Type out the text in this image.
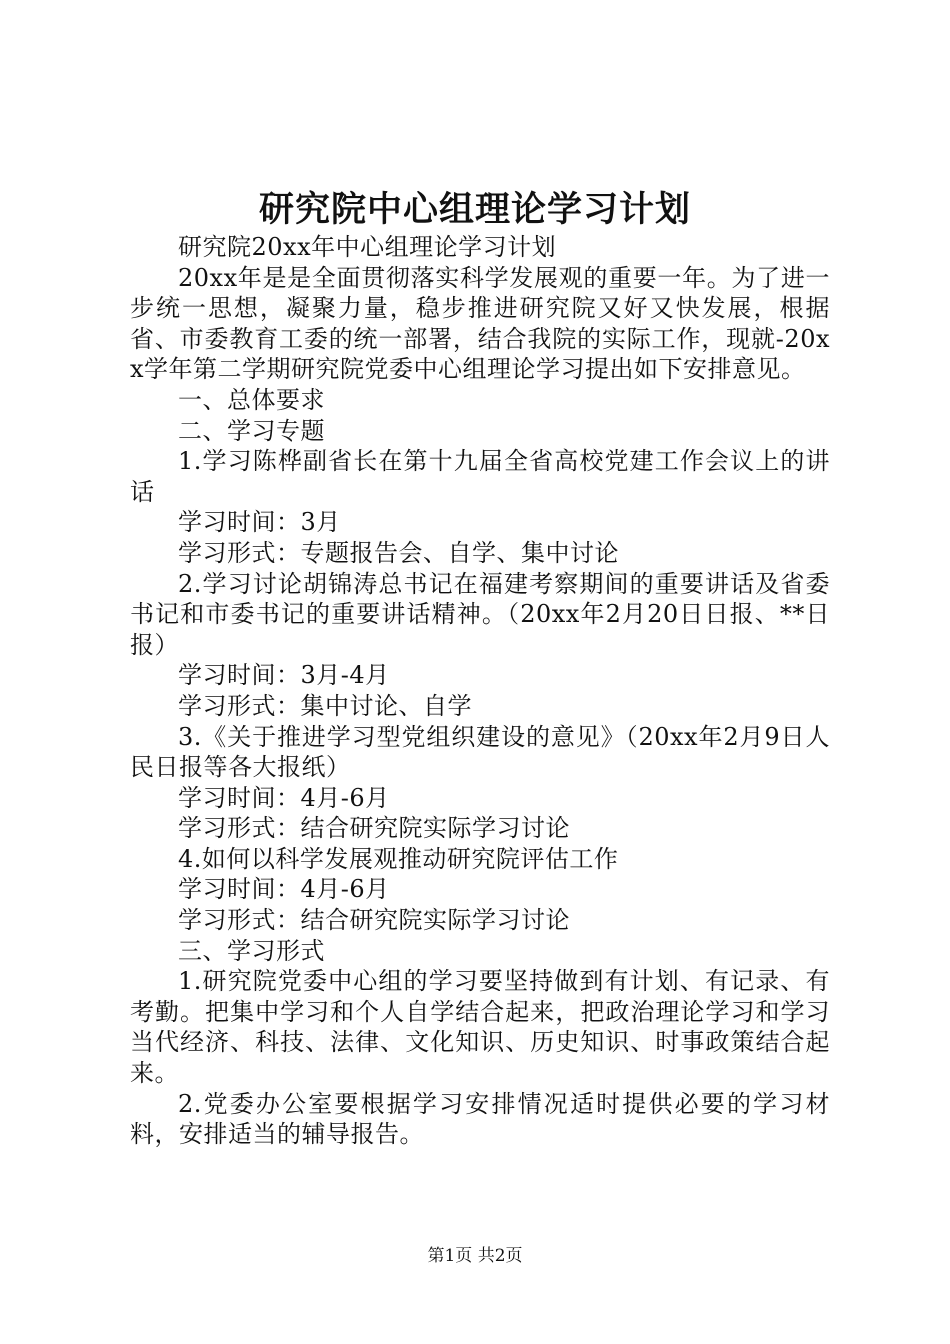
研究院中心组理论学习计划

研究院20xx年中心组理论学习计划

20xx年是是全面贯彻落实科学发展观的重要一年。为了进一步统一思想，凝聚力量，稳步推进研究院又好又快发展，根据省、市委教育工委的统一部署，结合我院的实际工作，现就-20xx学年第二学期研究院党委中心组理论学习提出如下安排意见。

一、总体要求

二、学习专题

1.学习陈桦副省长在第十九届全省高校党建工作会议上的讲话

学习时间：3月

学习形式：专题报告会、自学、集中讨论

2.学习讨论胡锦涛总书记在福建考察期间的重要讲话及省委书记和市委书记的重要讲话精神。（20xx年2月20日日报、**日报）

学习时间：3月-4月

学习形式：集中讨论、自学

3.《关于推进学习型党组织建设的意见》（20xx年2月9日人民日报等各大报纸）

学习时间：4月-6月

学习形式：结合研究院实际学习讨论

4.如何以科学发展观推动研究院评估工作

学习时间：4月-6月

学习形式：结合研究院实际学习讨论

三、学习形式

1.研究院党委中心组的学习要坚持做到有计划、有记录、有考勤。把集中学习和个人自学结合起来，把政治理论学习和学习当代经济、科技、法律、文化知识、历史知识、时事政策结合起来。

2.党委办公室要根据学习安排情况适时提供必要的学习材料，安排适当的辅导报告。

第1页 共2页
